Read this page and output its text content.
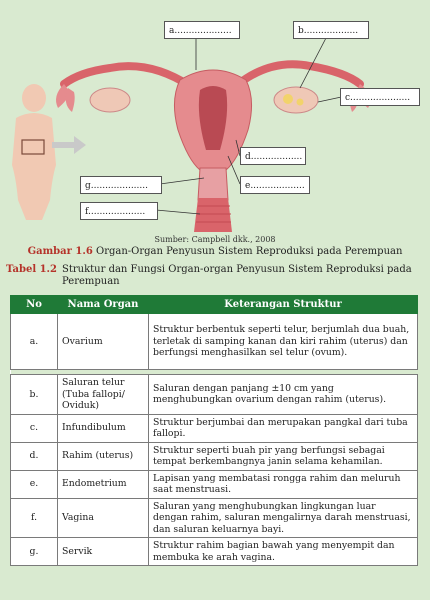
a....................	b...................
c.....................
d..................
e...................
g....................
f....................
Sumber: Campbell dkk., 2008
Gambar 1.6 Organ-Organ Penyusun Sistem Reproduksi pada Perempuan
Tabel 1.2 Struktur dan Fungsi Organ-organ Penyusun Sistem Reproduksi pada Perempuan
No	Nama Organ	Keterangan Struktur
a.	Ovarium	Struktur berbentuk seperti telur, berjumlah dua buah, terletak di samping kanan dan kiri rahim (uterus) dan berfungsi menghasilkan sel telur (ovum).

b.	Saluran telur (Tuba fallopi/ Oviduk)	Saluran dengan panjang ±10 cm yang menghubungkan ovarium dengan rahim (uterus).
c.	Infundibulum	Struktur berjumbai dan merupakan pangkal dari tuba fallopi.
d.	Rahim (uterus)	Struktur seperti buah pir yang berfungsi sebagai tempat berkembangnya janin selama kehamilan.
e.	Endometrium	Lapisan yang membatasi rongga rahim dan meluruh saat menstruasi.
f.	Vagina	Saluran yang menghubungkan lingkungan luar dengan rahim, saluran mengalirnya darah menstruasi, dan saluran keluarnya bayi.
g.	Servik	Struktur rahim bagian bawah yang menyempit dan membuka ke arah vagina.
